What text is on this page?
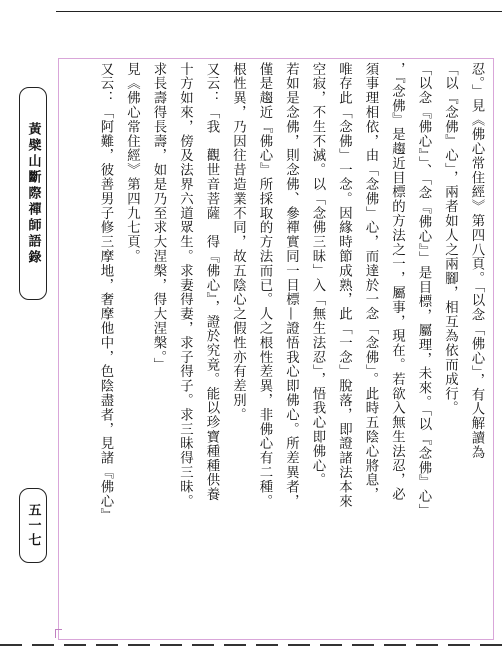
黃檗山斷際禪師語錄
五一七

忍。」見《佛心常住經》第四八頁。「以念「佛心」，有人解讀為

「以『念佛』心」，兩者如人之兩腳，相互為依而成行。

「以念『佛心』」、「念『佛心』」是目標，屬理，未來。「以『念佛』心」

，『念佛』是趨近目標的方法之一，屬事，現在。若欲入無生法忍，必

須事理相依，由「念佛」心，而達於一念「念佛」。此時五陰心將息，

唯存此「念佛」一念。因緣時節成熟，此「一念」脫落，即證諸法本來

空寂，不生不滅。以「念佛三昧」入「無生法忍」，悟我心即佛心。

若如是念佛，則念佛、參禪實同一目標—證悟我心即佛心。所差異者，

僅是趨近『佛心』所採取的方法而已。人之根性差異，非佛心有二種。

根性異，乃因往昔造業不同，故五陰心之假性亦有差別。

又云：「我　觀世音菩薩　得『佛心』，證於究竟。能以珍寶種種供養

十方如來，傍及法界六道眾生。求妻得妻，求子得子。求三昧得三昧。

求長壽得長壽，如是乃至求大涅槃，得大涅槃。」

見《佛心常住經》第四九七頁。

又云：「阿難，彼善男子修三摩地，奢摩他中，色陰盡者，見諸『佛心』
